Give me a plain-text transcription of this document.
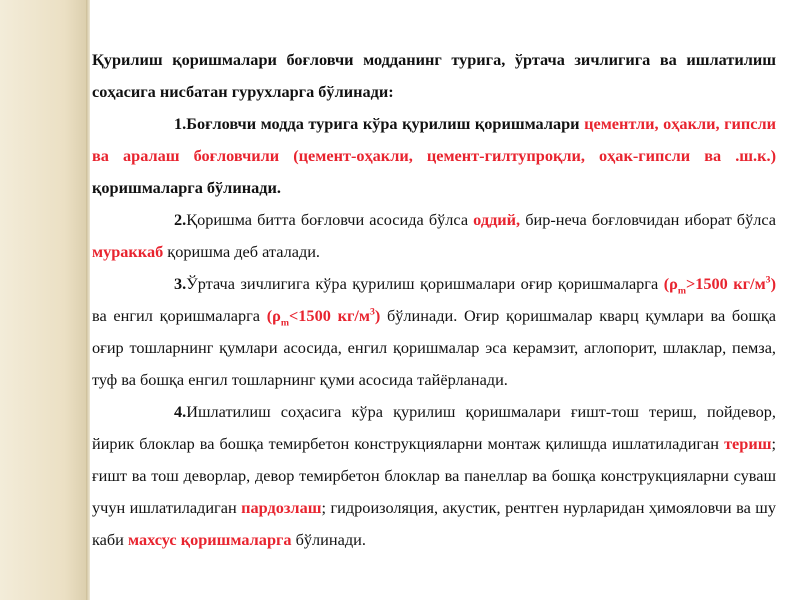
Қурилиш қоришмалари боғловчи модданинг турига, ўртача зичлигига ва ишлатилиш соҳасига нисбатан гурухларга бўлинади:

1.Боғловчи модда турига кўра қурилиш қоришмалари цементли, оҳакли, гипсли ва аралаш боғловчили (цемент-оҳакли, цемент-гилтупроқли, оҳак-гипсли ва .ш.к.) қоришмаларга бўлинади.

2.Қоришма битта боғловчи асосида бўлса оддий, бир-неча боғловчидан иборат бўлса мураккаб қоришма деб аталади.

3.Ўртача зичлигига кўра қурилиш қоришмалари оғир қоришмаларга ($\rho_m>1500$ $кг/м^3$) ва енгил қоришмаларга ($\rho_m<1500$ $кг/м^3$) бўлинади. Оғир қоришмалар кварц қумлари ва бошқа оғир тошларнинг қумлари асосида, енгил қоришмалар эса керамзит, аглопорит, шлаклар, пемза, туф ва бошқа енгил тошларнинг қуми асосида тайёрланади.

4.Ишлатилиш соҳасига кўра қурилиш қоришмалари ғишт-тош териш, пойдевор, йирик блоклар ва бошқа темирбетон конструкцияларни монтаж қилишда ишлатиладиган териш; ғишт ва тош деворлар, девор темирбетон блоклар ва панеллар ва бошқа конструкцияларни суваш учун ишлатиладиган пардозлаш; гидроизоляция, акустик, рентген нурларидан ҳимояловчи ва шу каби махсус қоришмаларга бўлинади.
